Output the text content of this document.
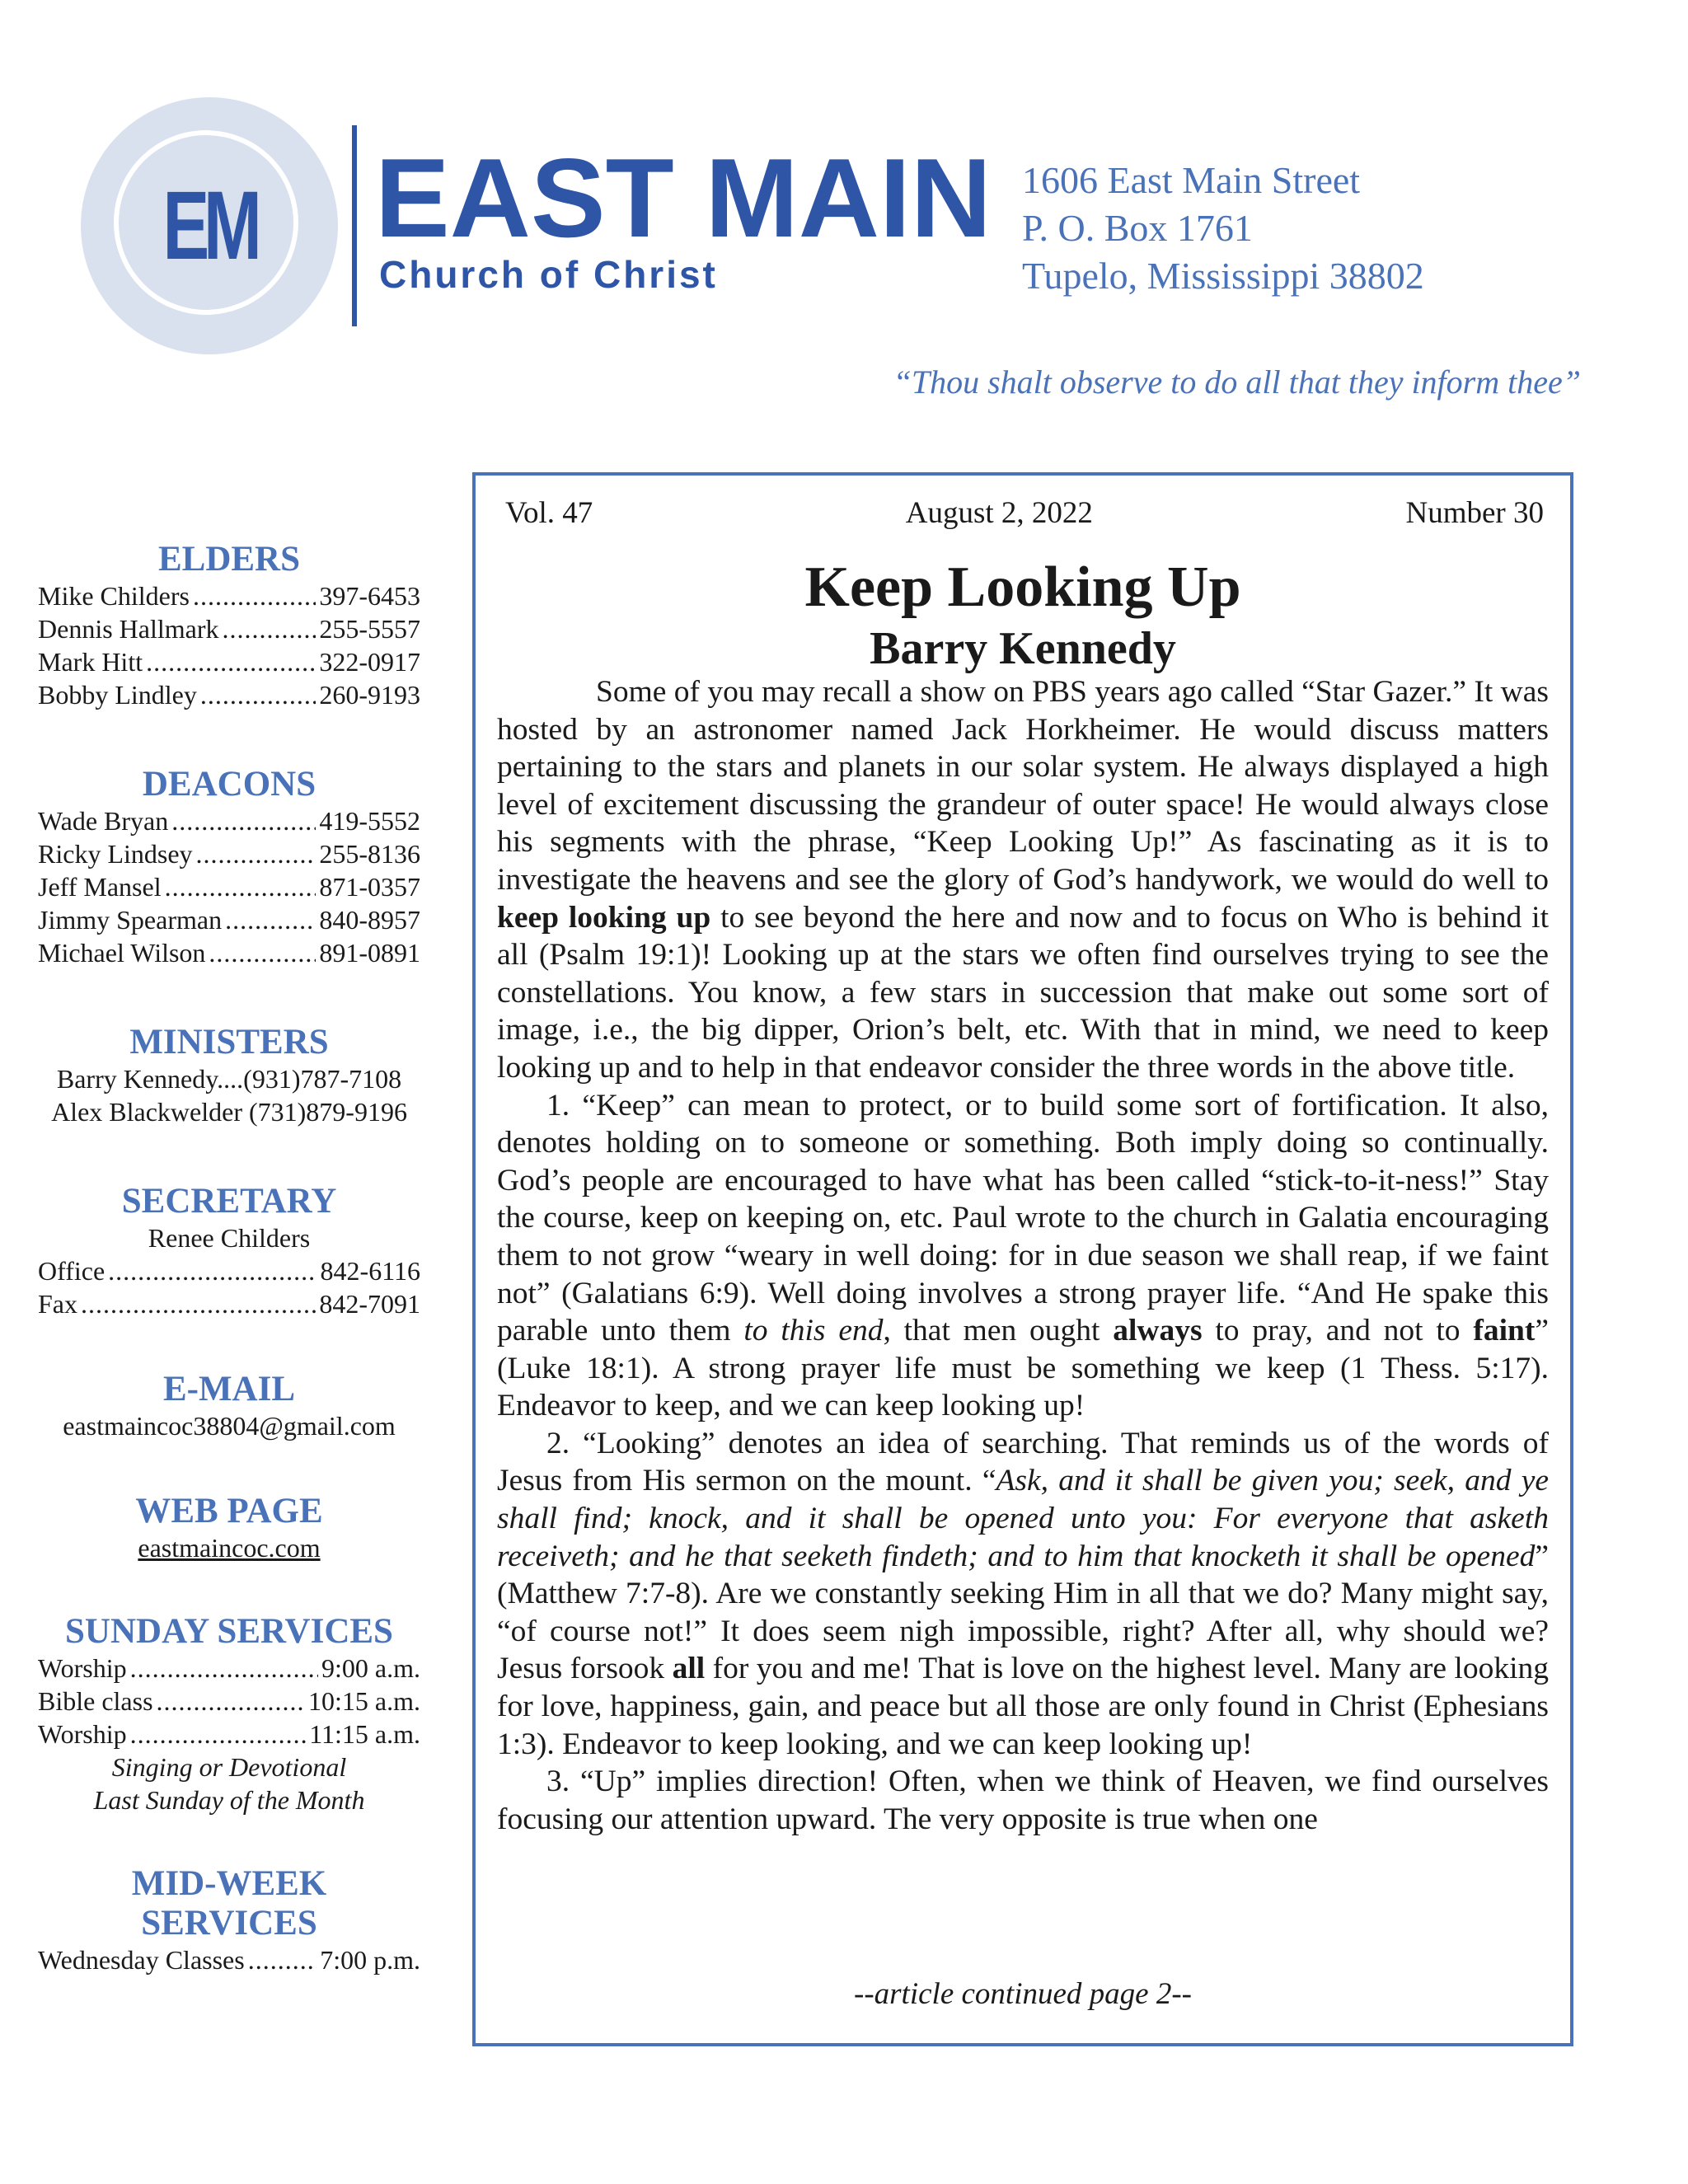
EM	EAST MAIN
Church of Christ
1606 East Main Street
P. O. Box 1761
Tupelo, Mississippi 38802
“Thou shalt observe to do all that they inform thee”
ELDERS
Mike Childers .....	397-6453
Dennis Hallmark .....	255-5557
Mark Hitt .....	322-0917
Bobby Lindley .....	260-9193
DEACONS
Wade Bryan .....	419-5552
Ricky Lindsey .....	255-8136
Jeff Mansel .....	871-0357
Jimmy Spearman .....	840-8957
Michael Wilson .....	891-0891
MINISTERS
Barry Kennedy....(931)787-7108
Alex Blackwelder (731)879-9196
SECRETARY
Renee Childers
Office .....	842-6116
Fax .....	842-7091
E-MAIL
eastmaincoc38804@gmail.com
WEB PAGE
eastmaincoc.com
SUNDAY SERVICES
Worship .....	9:00 a.m.
Bible class .....	10:15 a.m.
Worship .....	11:15 a.m.
Singing or Devotional
Last Sunday of the Month
MID-WEEK
SERVICES
Wednesday Classes .....	7:00 p.m.
Vol. 47	August 2, 2022	Number 30
Keep Looking Up
Barry Kennedy

Some of you may recall a show on PBS years ago called “Star Gazer.” It was hosted by an astronomer named Jack Horkheimer. He would discuss matters pertaining to the stars and planets in our solar system. He always displayed a high level of excitement discussing the grandeur of outer space! He would always close his segments with the phrase, “Keep Looking Up!” As fascinating as it is to investigate the heavens and see the glory of God’s handywork, we would do well to keep looking up to see beyond the here and now and to focus on Who is behind it all (Psalm 19:1)! Looking up at the stars we often find ourselves trying to see the constellations. You know, a few stars in succession that make out some sort of image, i.e., the big dipper, Orion’s belt, etc. With that in mind, we need to keep looking up and to help in that endeavor consider the three words in the above title.

1. “Keep” can mean to protect, or to build some sort of fortification. It also, denotes holding on to someone or something. Both imply doing so continually. God’s people are encouraged to have what has been called “stick-to-it-ness!” Stay the course, keep on keeping on, etc. Paul wrote to the church in Galatia encouraging them to not grow “weary in well doing: for in due season we shall reap, if we faint not” (Galatians 6:9). Well doing involves a strong prayer life. “And He spake this parable unto them to this end, that men ought always to pray, and not to faint” (Luke 18:1). A strong prayer life must be something we keep (1 Thess. 5:17). Endeavor to keep, and we can keep looking up!

2. “Looking” denotes an idea of searching. That reminds us of the words of Jesus from His sermon on the mount. “Ask, and it shall be given you; seek, and ye shall find; knock, and it shall be opened unto you: For everyone that asketh receiveth; and he that seeketh findeth; and to him that knocketh it shall be opened” (Matthew 7:7-8). Are we constantly seeking Him in all that we do? Many might say, “of course not!” It does seem nigh impossible, right? After all, why should we? Jesus forsook all for you and me! That is love on the highest level. Many are looking for love, happiness, gain, and peace but all those are only found in Christ (Ephesians 1:3). Endeavor to keep looking, and we can keep looking up!

3. “Up” implies direction! Often, when we think of Heaven, we find ourselves focusing our attention upward. The very opposite is true when one

--article continued page 2--
